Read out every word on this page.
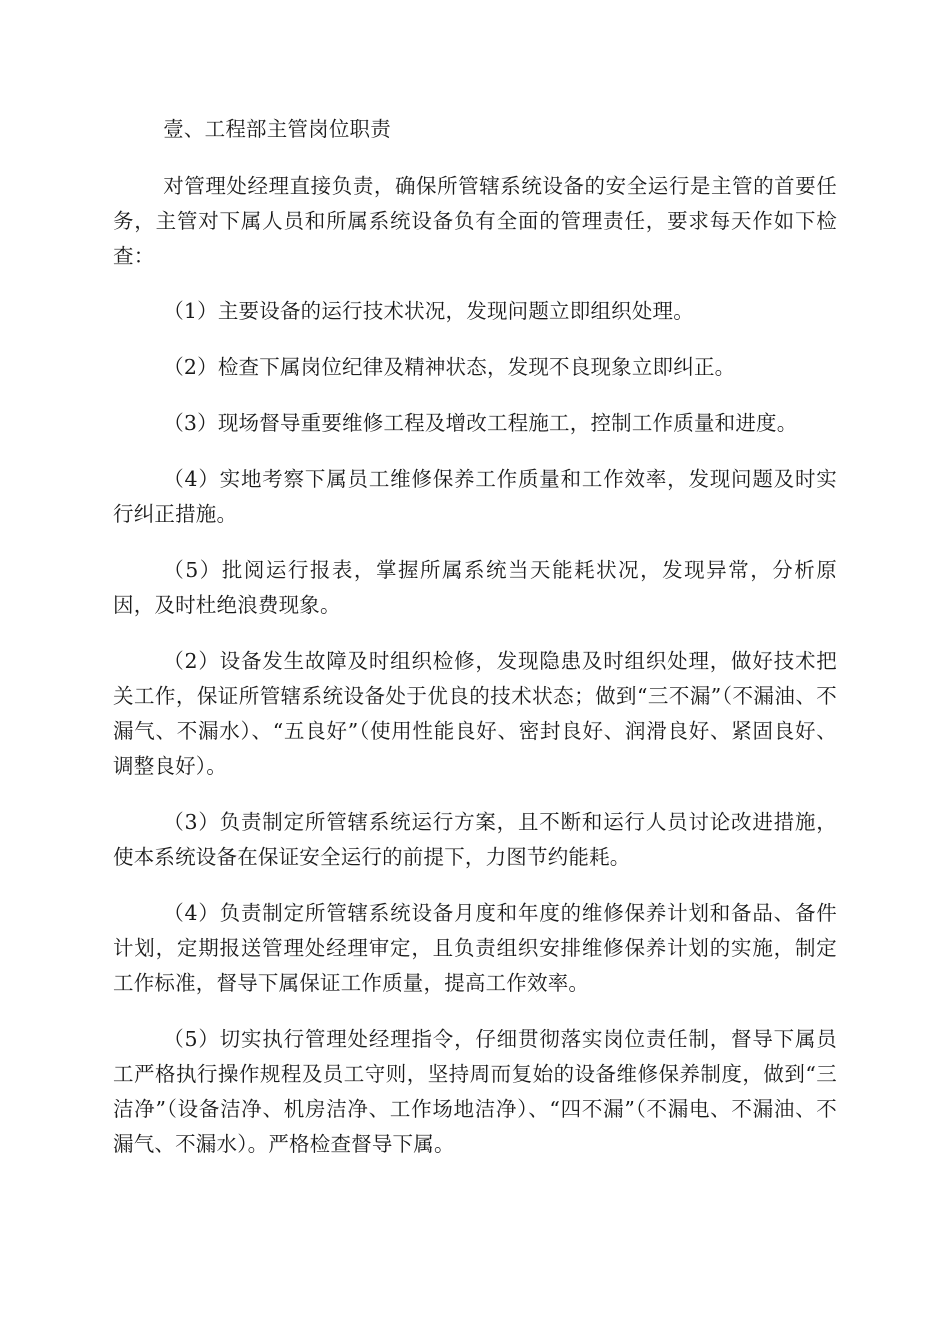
壹、工程部主管岗位职责

对管理处经理直接负责，确保所管辖系统设备的安全运行是主管的首要任务，主管对下属人员和所属系统设备负有全面的管理责任，要求每天作如下检查：

（1）主要设备的运行技术状况，发现问题立即组织处理。

（2）检查下属岗位纪律及精神状态，发现不良现象立即纠正。

（3）现场督导重要维修工程及增改工程施工，控制工作质量和进度。

（4）实地考察下属员工维修保养工作质量和工作效率，发现问题及时实行纠正措施。

（5）批阅运行报表，掌握所属系统当天能耗状况，发现异常，分析原因，及时杜绝浪费现象。

（2）设备发生故障及时组织检修，发现隐患及时组织处理，做好技术把关工作，保证所管辖系统设备处于优良的技术状态；做到“三不漏”（不漏油、不漏气、不漏水）、“五良好”（使用性能良好、密封良好、润滑良好、紧固良好、调整良好）。

（3）负责制定所管辖系统运行方案，且不断和运行人员讨论改进措施，使本系统设备在保证安全运行的前提下，力图节约能耗。

（4）负责制定所管辖系统设备月度和年度的维修保养计划和备品、备件计划，定期报送管理处经理审定，且负责组织安排维修保养计划的实施，制定工作标准，督导下属保证工作质量，提高工作效率。

（5）切实执行管理处经理指令，仔细贯彻落实岗位责任制，督导下属员工严格执行操作规程及员工守则，坚持周而复始的设备维修保养制度，做到“三洁净”（设备洁净、机房洁净、工作场地洁净）、“四不漏”（不漏电、不漏油、不漏气、不漏水）。严格检查督导下属。
